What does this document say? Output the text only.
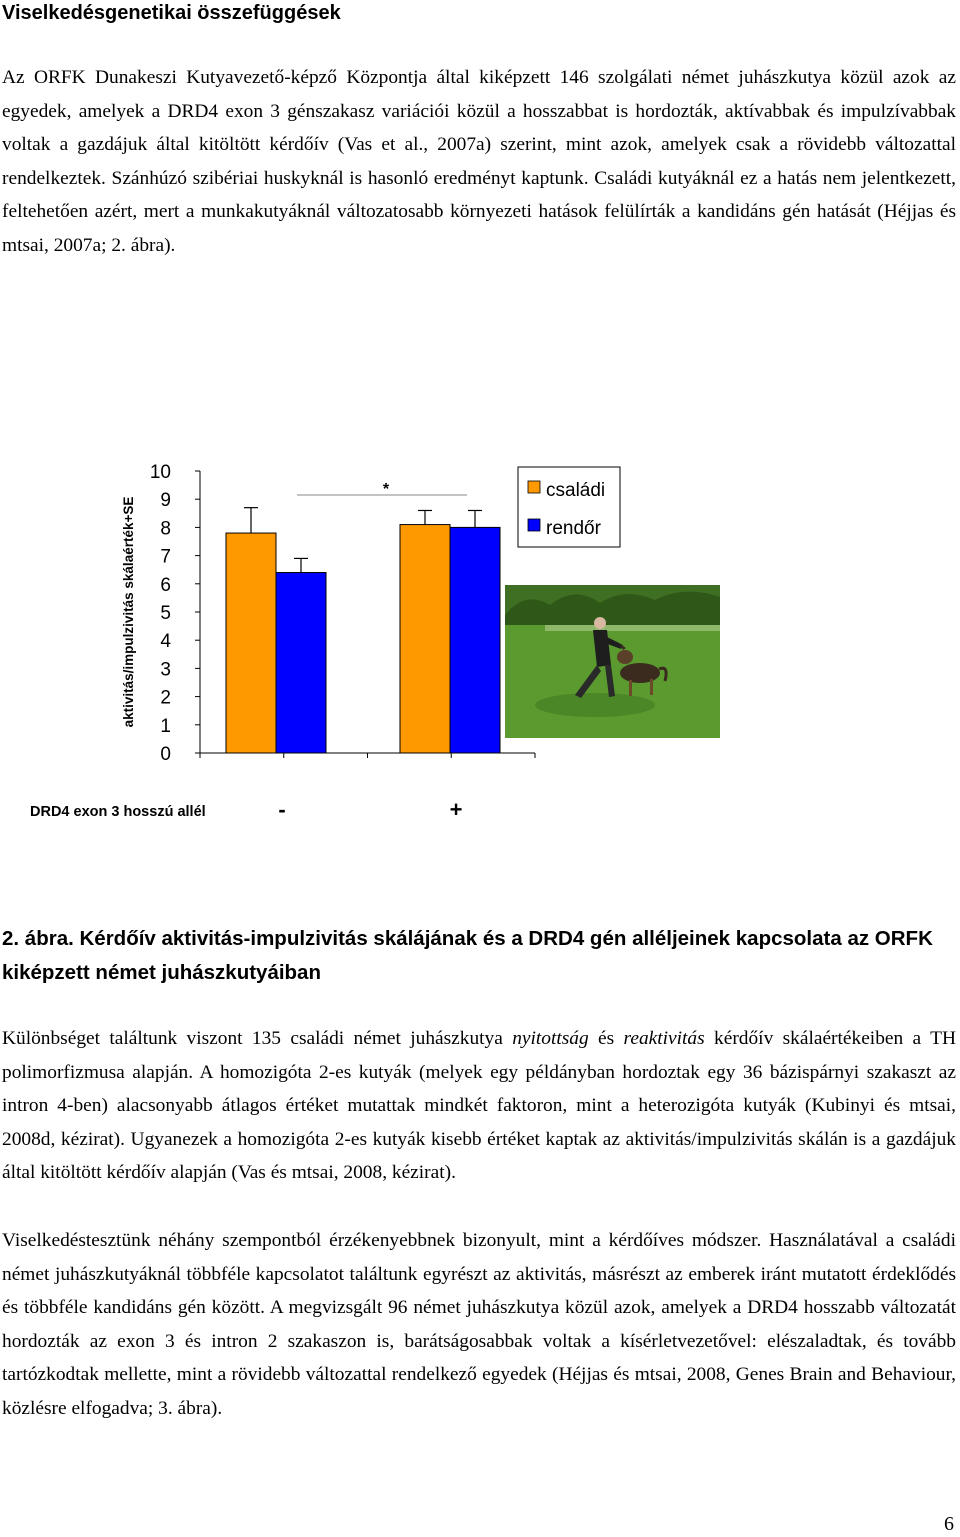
Viselkedésgenetikai összefüggések

Az ORFK Dunakeszi Kutyavezető-képző Központja által kiképzett 146 szolgálati német juhászkutya közül azok az egyedek, amelyek a DRD4 exon 3 génszakasz variációi közül a hosszabbat is hordozták, aktívabbak és impulzívabbak voltak a gazdájuk által kitöltött kérdőív (Vas et al., 2007a) szerint, mint azok, amelyek csak a rövidebb változattal rendelkeztek. Szánhúzó szibériai huskyknál is hasonló eredményt kaptunk. Családi kutyáknál ez a hatás nem jelentkezett, feltehetően azért, mert a munkakutyáknál változatosabb környezeti hatások felülírták a kandidáns gén hatását (Héjjas és mtsai, 2007a; 2. ábra).

0
1
2
3
4
5
6
7
8
9
10
aktivitás/impulzivitás skálaérték+SE
-	+
*
DRD4 exon 3 hosszú allél
családi
rendőr
2. ábra. Kérdőív aktivitás-impulzivitás skálájának és a DRD4 gén alléljeinek kapcsolata az ORFK kiképzett német juhászkutyáiban

Különbséget találtunk viszont 135 családi német juhászkutya nyitottság és reaktivitás kérdőív skálaértékeiben a TH polimorfizmusa alapján. A homozigóta 2-es kutyák (melyek egy példányban hordoztak egy 36 bázispárnyi szakaszt az intron 4-ben) alacsonyabb átlagos értéket mutattak mindkét faktoron, mint a heterozigóta kutyák (Kubinyi és mtsai, 2008d, kézirat). Ugyanezek a homozigóta 2-es kutyák kisebb értéket kaptak az aktivitás/impulzivitás skálán is a gazdájuk által kitöltött kérdőív alapján (Vas és mtsai, 2008, kézirat).

Viselkedéstesztünk néhány szempontból érzékenyebbnek bizonyult, mint a kérdőíves módszer. Használatával a családi német juhászkutyáknál többféle kapcsolatot találtunk egyrészt az aktivitás, másrészt az emberek iránt mutatott érdeklődés és többféle kandidáns gén között. A megvizsgált 96 német juhászkutya közül azok, amelyek a DRD4 hosszabb változatát hordozták az exon 3 és intron 2 szakaszon is, barátságosabbak voltak a kísérletvezetővel: elészaladtak, és tovább tartózkodtak mellette, mint a rövidebb változattal rendelkező egyedek (Héjjas és mtsai, 2008, Genes Brain and Behaviour, közlésre elfogadva; 3. ábra).

6
